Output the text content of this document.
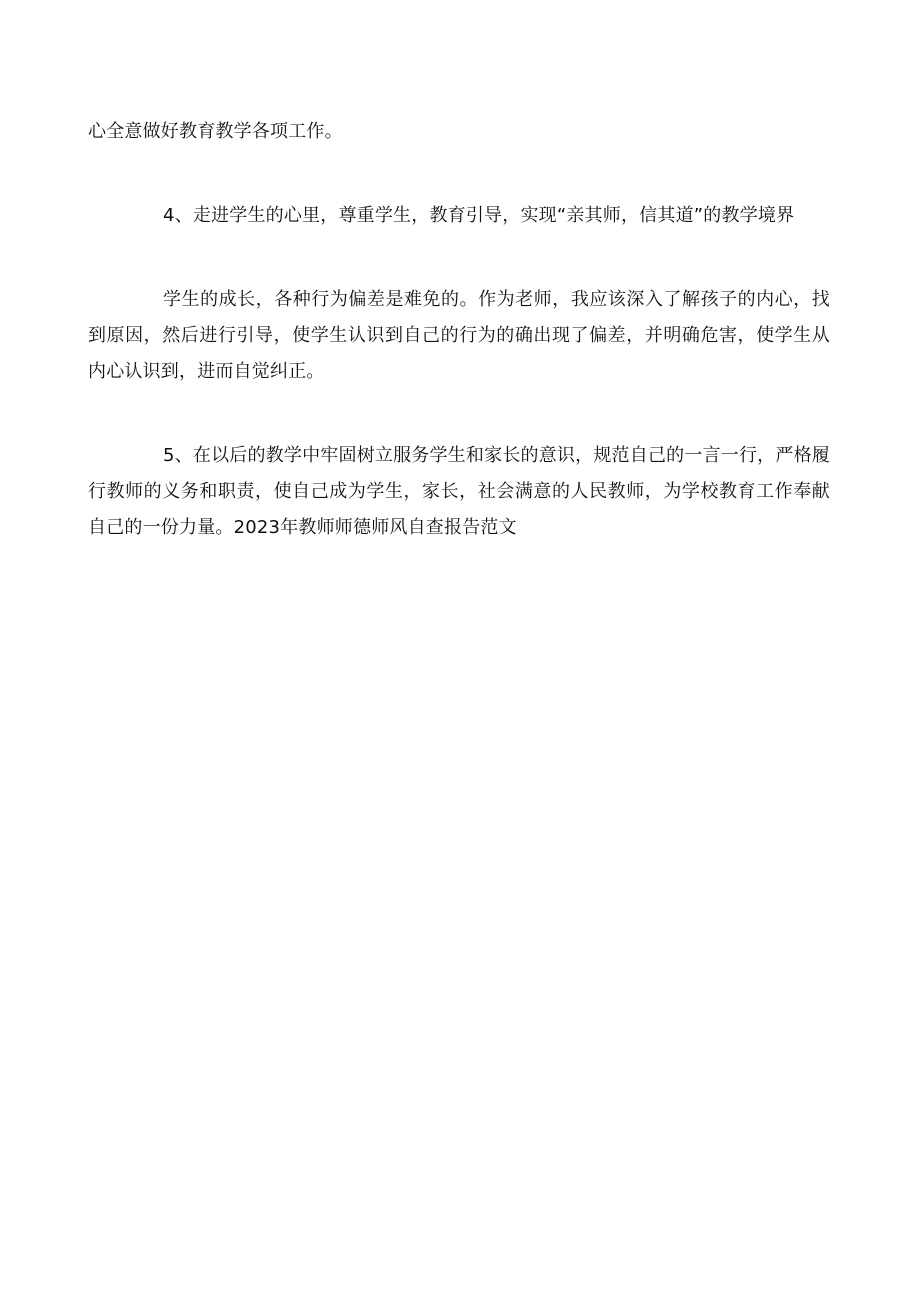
心全意做好教育教学各项工作。

4、走进学生的心里，尊重学生，教育引导，实现“亲其师，信其道”的教学境界

学生的成长，各种行为偏差是难免的。作为老师，我应该深入了解孩子的内心，找到原因，然后进行引导，使学生认识到自己的行为的确出现了偏差，并明确危害，使学生从内心认识到，进而自觉纠正。

5、在以后的教学中牢固树立服务学生和家长的意识，规范自己的一言一行，严格履行教师的义务和职责，使自己成为学生，家长，社会满意的人民教师，为学校教育工作奉献自己的一份力量。2023年教师师德师风自查报告范文
